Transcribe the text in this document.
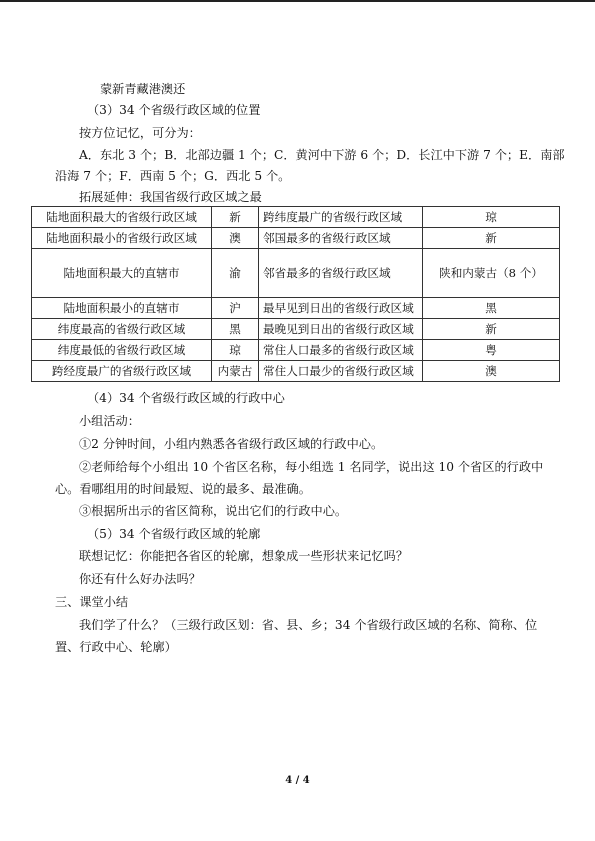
蒙新青藏港澳还
（3）34 个省级行政区域的位置
按方位记忆，可分为：
A．东北 3 个；B．北部边疆 1 个；C．黄河中下游 6 个；D．长江中下游 7 个；E．南部
沿海 7 个；F．西南 5 个；G．西北 5 个。
拓展延伸：我国省级行政区域之最
陆地面积最大的省级行政区域	新	跨纬度最广的省级行政区域	琼
陆地面积最小的省级行政区域	澳	邻国最多的省级行政区域	新
陆地面积最大的直辖市	渝	邻省最多的省级行政区域	陕和内蒙古（8 个）
陆地面积最小的直辖市	沪	最早见到日出的省级行政区域	黑
纬度最高的省级行政区域	黑	最晚见到日出的省级行政区域	新
纬度最低的省级行政区域	琼	常住人口最多的省级行政区域	粤
跨经度最广的省级行政区域	内蒙古	常住人口最少的省级行政区域	澳
（4）34 个省级行政区域的行政中心
小组活动：
①2 分钟时间，小组内熟悉各省级行政区域的行政中心。
②老师给每个小组出 10 个省区名称，每小组选 1 名同学，说出这 10 个省区的行政中
心。看哪组用的时间最短、说的最多、最准确。
③根据所出示的省区简称，说出它们的行政中心。
（5）34 个省级行政区域的轮廓
联想记忆：你能把各省区的轮廓，想象成一些形状来记忆吗？
你还有什么好办法吗？
三、课堂小结
我们学了什么？（三级行政区划：省、县、乡；34 个省级行政区域的名称、简称、位
置、行政中心、轮廓）
4 / 4
